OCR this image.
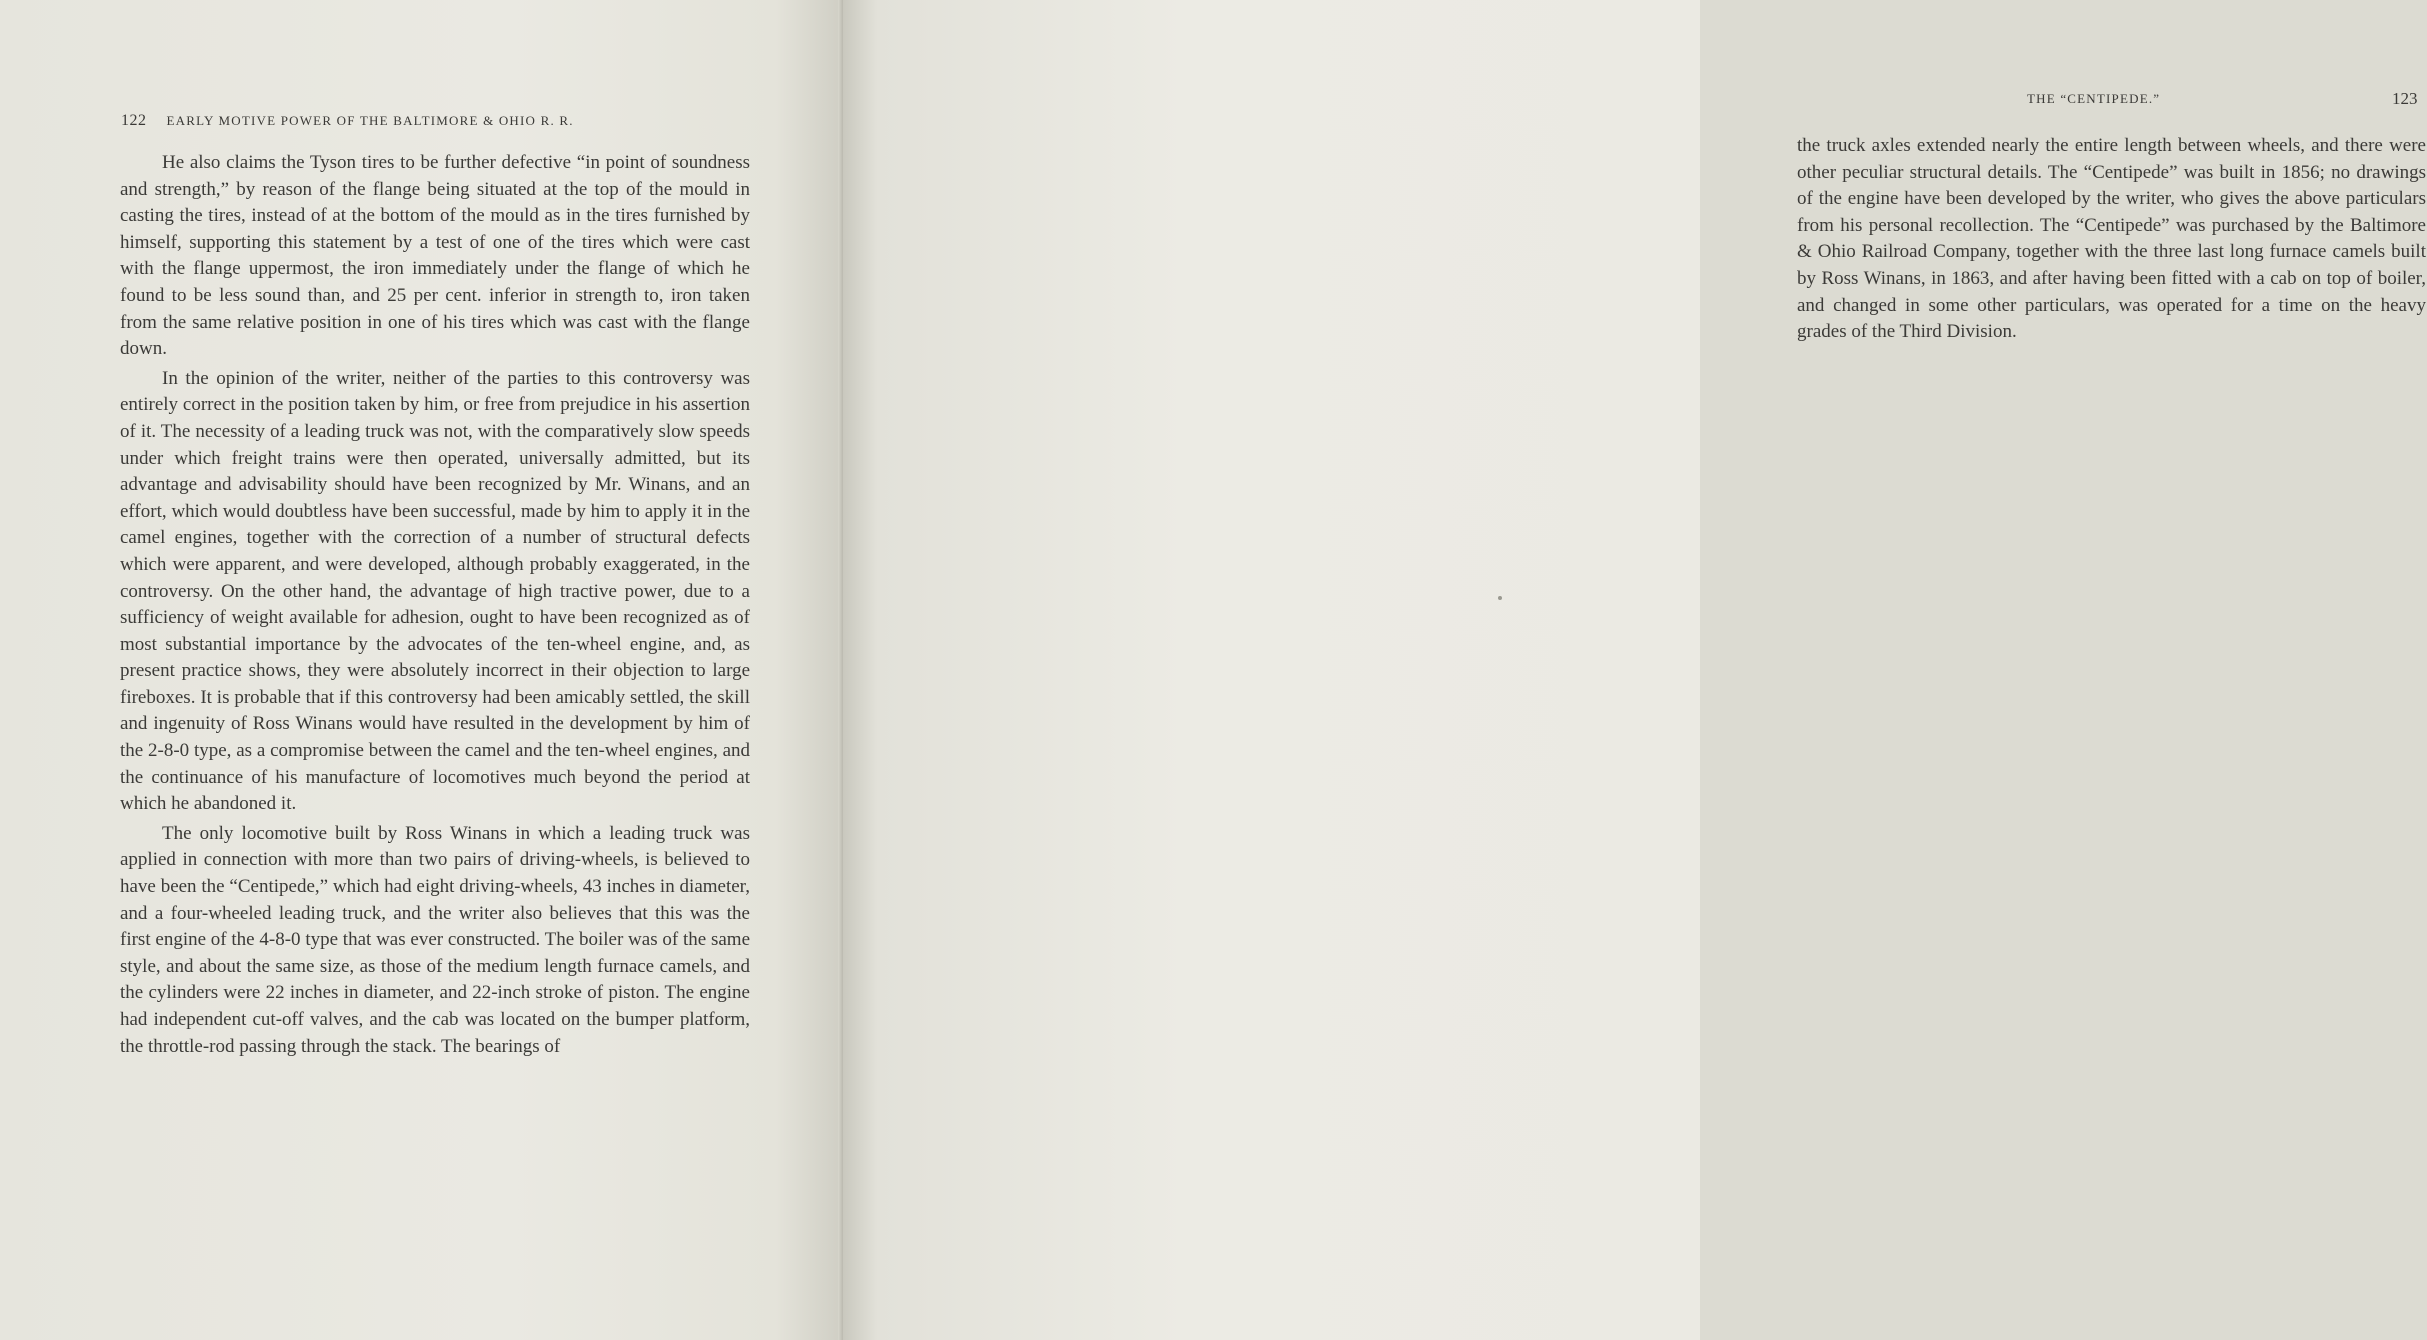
122 EARLY MOTIVE POWER OF THE BALTIMORE & OHIO R. R.

He also claims the Tyson tires to be further defective “in point of soundness and strength,” by reason of the flange being situated at the top of the mould in casting the tires, instead of at the bottom of the mould as in the tires furnished by himself, supporting this statement by a test of one of the tires which were cast with the flange uppermost, the iron immediately under the flange of which he found to be less sound than, and 25 per cent. inferior in strength to, iron taken from the same relative position in one of his tires which was cast with the flange down.

In the opinion of the writer, neither of the parties to this controversy was entirely correct in the position taken by him, or free from prejudice in his assertion of it. The necessity of a leading truck was not, with the comparatively slow speeds under which freight trains were then operated, universally admitted, but its advantage and advisability should have been recognized by Mr. Winans, and an effort, which would doubtless have been successful, made by him to apply it in the camel engines, together with the correction of a number of structural defects which were apparent, and were developed, although probably exaggerated, in the controversy. On the other hand, the advantage of high tractive power, due to a sufficiency of weight available for adhesion, ought to have been recognized as of most substantial importance by the advocates of the ten-wheel engine, and, as present practice shows, they were absolutely incorrect in their objection to large fireboxes. It is probable that if this controversy had been amicably settled, the skill and ingenuity of Ross Winans would have resulted in the development by him of the 2-8-0 type, as a compromise between the camel and the ten-wheel engines, and the continuance of his manufacture of locomotives much beyond the period at which he abandoned it.

The only locomotive built by Ross Winans in which a leading truck was applied in connection with more than two pairs of driving-wheels, is believed to have been the “Centipede,” which had eight driving-wheels, 43 inches in diameter, and a four-wheeled leading truck, and the writer also believes that this was the first engine of the 4-8-0 type that was ever constructed. The boiler was of the same style, and about the same size, as those of the medium length furnace camels, and the cylinders were 22 inches in diameter, and 22-inch stroke of piston. The engine had independent cut-off valves, and the cab was located on the bumper platform, the throttle-rod passing through the stack. The bearings of

THE “CENTIPEDE.”	123

the truck axles extended nearly the entire length between wheels, and there were other peculiar structural details. The “Centipede” was built in 1856; no drawings of the engine have been developed by the writer, who gives the above particulars from his personal recollection. The “Centipede” was purchased by the Baltimore & Ohio Railroad Company, together with the three last long furnace camels built by Ross Winans, in 1863, and after having been fitted with a cab on top of boiler, and changed in some other particulars, was operated for a time on the heavy grades of the Third Division.
